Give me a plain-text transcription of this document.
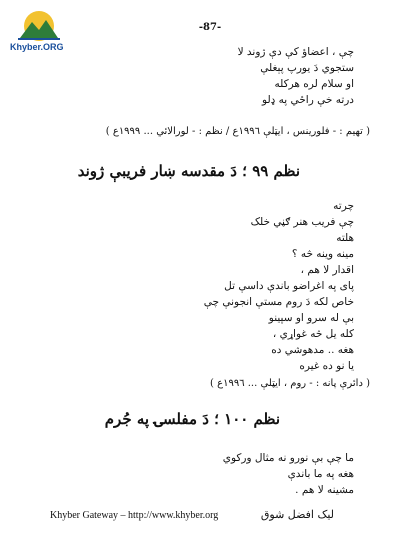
Khyber.ORG
-87-
چې ، اعضاؤ کې دې ژوند لا
ستجوي دَ يورپ پېغلې
او سلام لره هرکله
درته خې راځي په ډلو
( تهيم : - فلورينس ، ايټلې ۱۹۹٦ع / نظم : - لورالائي ... ۱۹۹۹ع )
نظم ۹۹ ؛ دَ مقدسه ښار فريبې ژوند
چرته
چې فريب هنر ګڼي خلک
هلته
مينه وينه څه ؟
اقدار لا هم ،
پای په اغراضو باندې داسې تل
خاص لکه دَ روم مستې انجونې چې
بې له سرو او سپينو
کله يل څه غواړي ،
هغه .. مدهوشي ده
يا نو ده غيره
( دائرې پانه : - روم ، ايټلې ... ۱۹۹٦ع )
نظم ۱۰۰ ؛ دَ مفلسۍ په جُرم
ما چې بې نورو نه مثال وركوي
هغه په ما باندې
مشينه لا هم .
Khyber Gateway – http://www.khyber.org	ليک افضل شوق
